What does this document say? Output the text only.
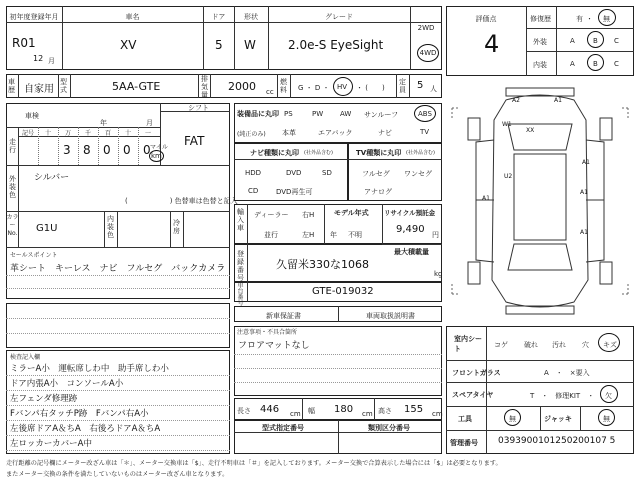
初年度登録年月
R01
12 月
車名
XV
ドア
5
形状
W
グレード
2.0e-S EyeSight
2WD
4WD
車歴 自家用
型式	5AA-GTE
排気量
2000 cc
燃料 G ・ D ・ HV ・ (　　)
定員 5 人
車検
年	月
走行
記号	十	万	千	百	十	一
3 8 0 0 0 マイル
km
シフト
FAT
外装色
シルバー
(　　　　　　) 色替車は色替と記入
カラーNo. G1U
内装色
冷房
セールスポイント
革シート　キーレス　ナビ　フルセグ　バックカメラ
検査記入欄
ミラーA小　運転席しわ中　助手席しわ小
ドア内張A小　コンソールA小
左フェンダ修理跡
Fバンパ右タッチP跡　Fバンパ右A小
左後席ドアA＆ちA　右後ろドアA＆ちA
左ロッカーカバーA中
装備品に丸印
(純正のみ)
PS	PW AW サンルーフ	ABS
本革	エアバック	ナビ	TV
ナビ種類に丸印 (社外品含む)
HDD	DVD	SD
CD	DVD再生可
TV種類に丸印 (社外品含む)
フルセグ ワンセグ
アナログ
輸入車
ディーラー
並行
右H
左H
モデル年式
年 不明
リサイクル預託金
9,490 円
登録番号
久留米330な1068
最大積載量
kg
車台番号
GTE-019032
新車保証書	車両取扱説明書
注意事項・不具合箇所
フロアマットなし
長さ 446 cm 幅 180 cm 高さ 155 cm
型式指定番号	類別区分番号
評価点
4
修復歴	有 ・ 無
外装	A	B C
内装	A	B C
A2	A1
W1
XX
A1
U2
A1
A1
A1
室内シート	コゲ 破れ 汚れ 穴 キズ
フロントガラス	A　・　×要入
スペアタイヤ	T　・　修理KIT　・ 欠
工具	無	ジャッキ	無
管理番号 0393900101250200107 5
走行距離の記号欄にメーター改ざん車は「＊」、メーター交換車は「$」、走行不明車は「＃」を記入しております。メーター交換で合算表示した場合には「$」は必要となります。
またメーター交換の条件を満たしていないものはメーター改ざん車となります。
